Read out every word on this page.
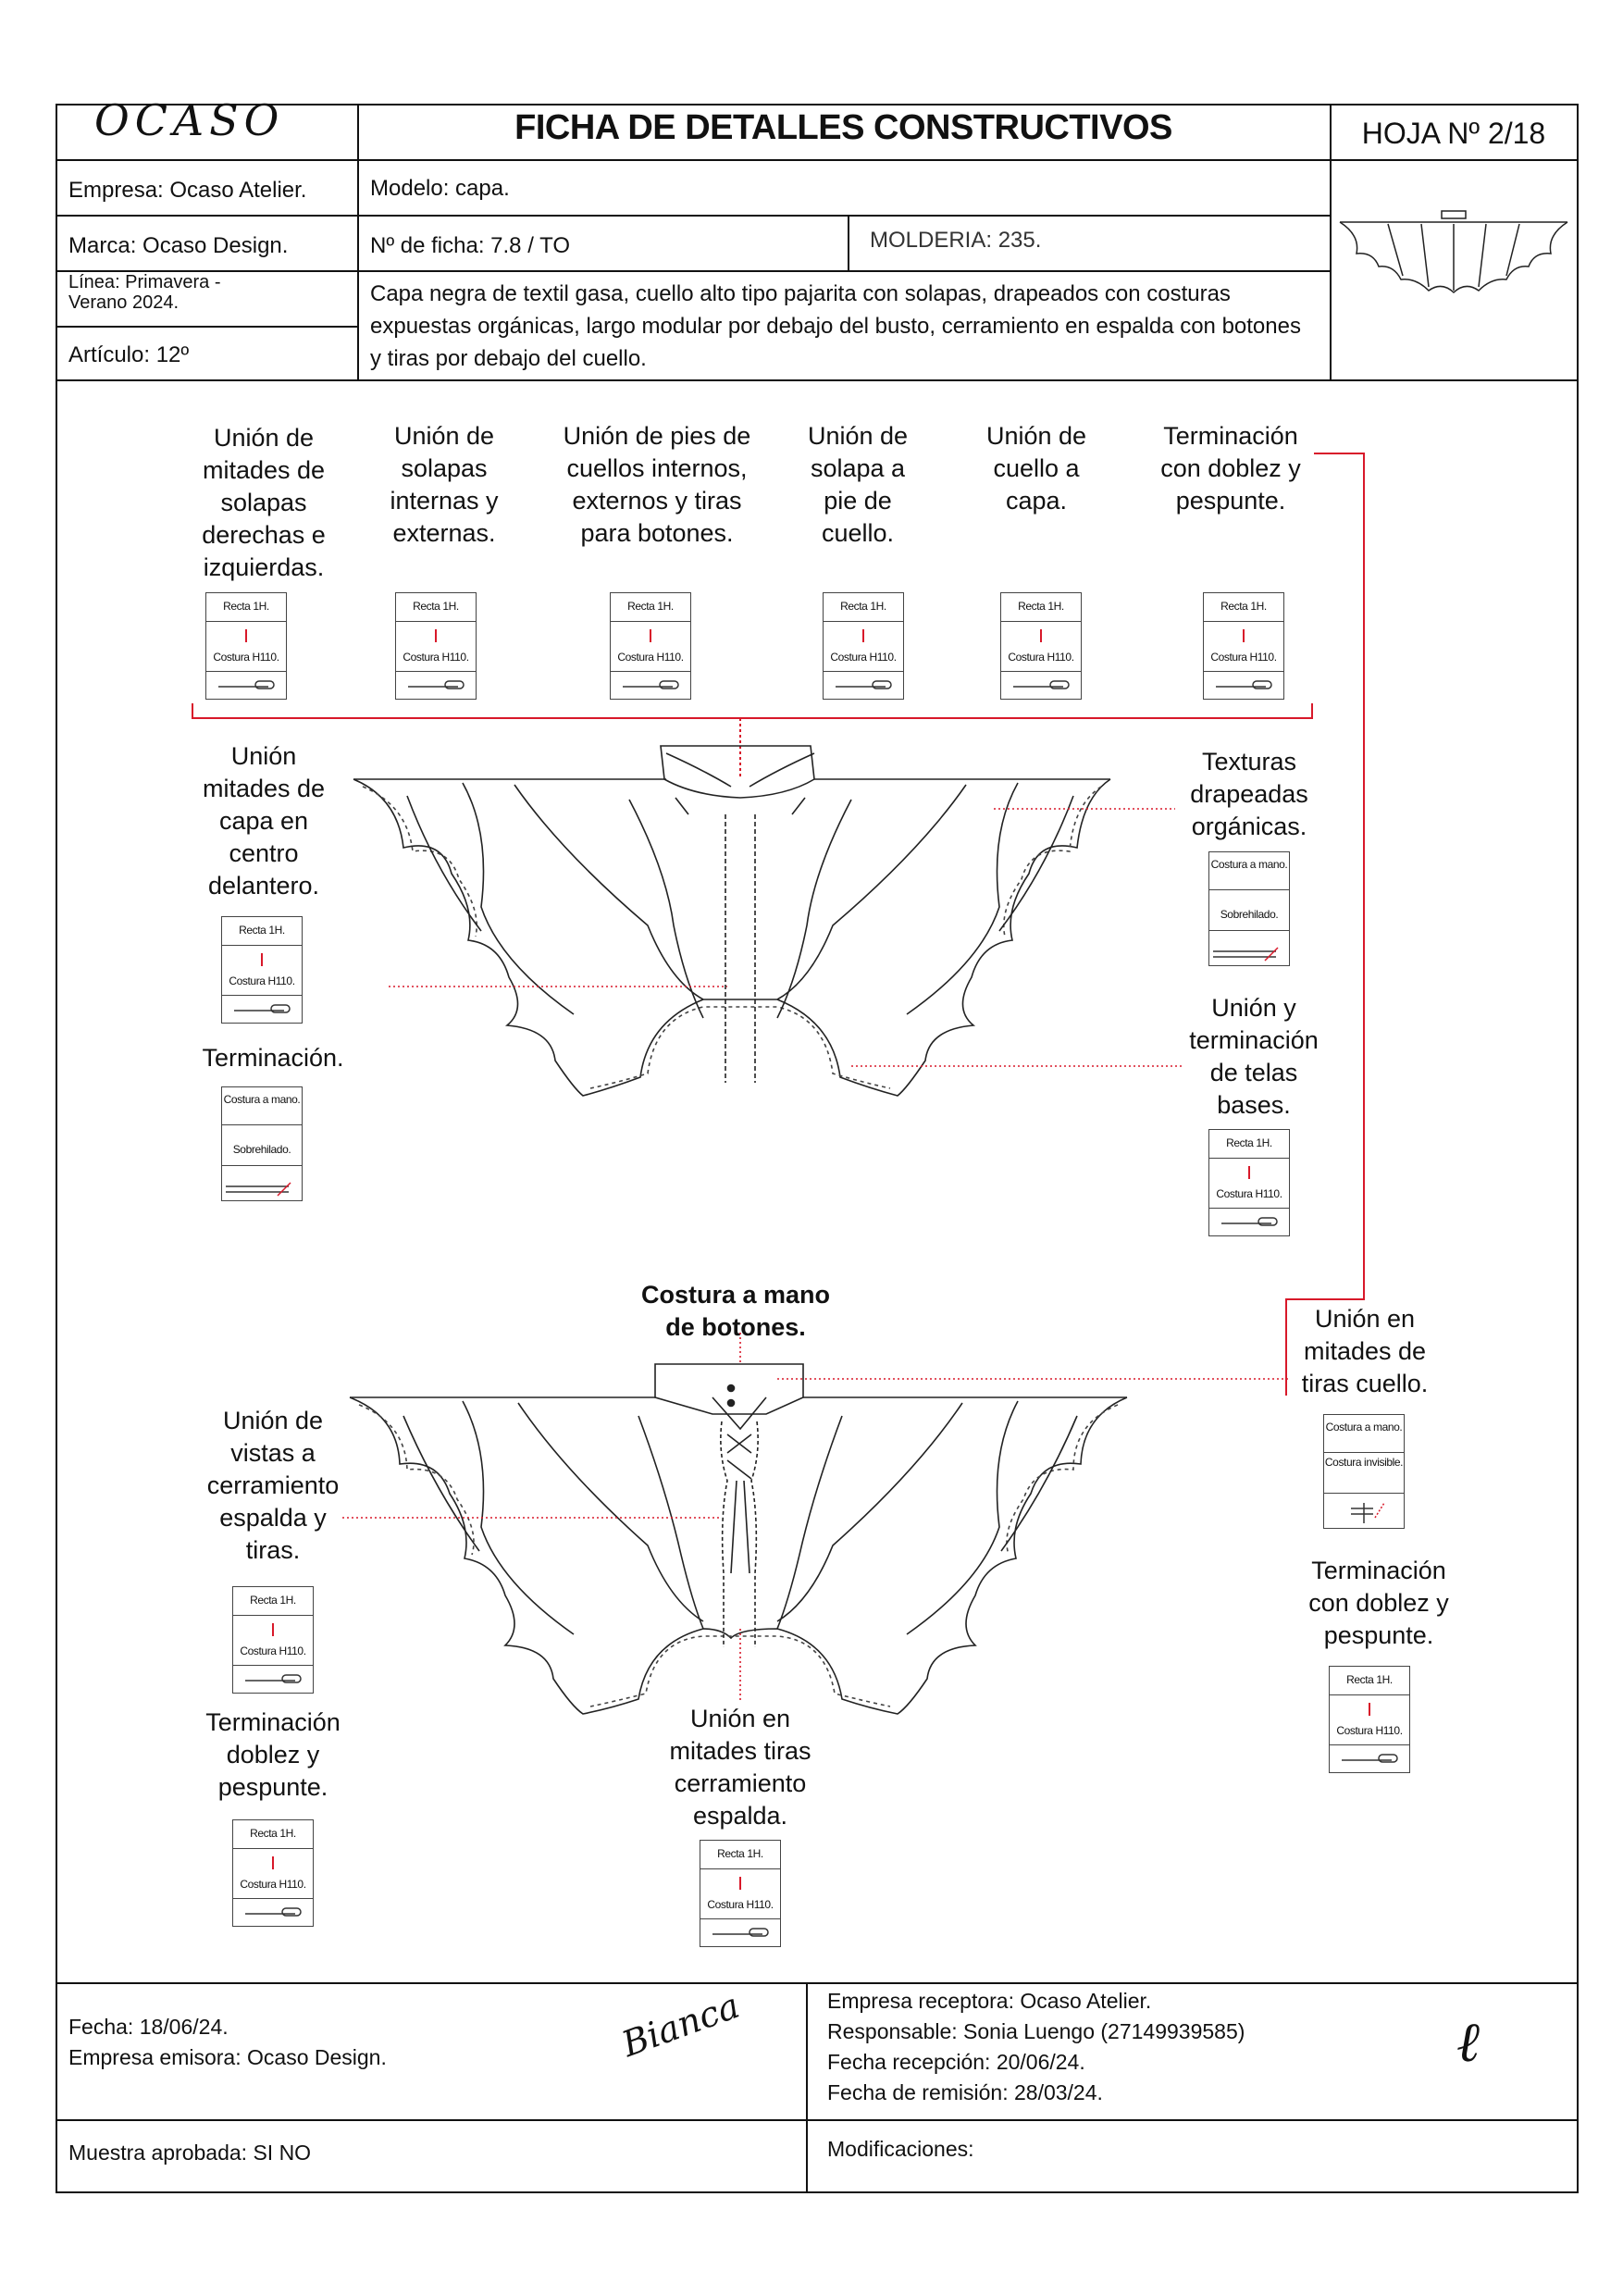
OCASO	FICHA DE DETALLES CONSTRUCTIVOS	HOJA Nº 2/18
Empresa: Ocaso Atelier.	Modelo: capa.
Marca: Ocaso Design.	Nº de ficha: 7.8 / TO	MOLDERIA: 235.
Línea: Primavera -
Verano 2024.
Artículo: 12º
Capa negra de textil gasa, cuello alto tipo pajarita con solapas, drapeados con costuras expuestas orgánicas, largo modular por debajo del busto, cerramiento en espalda con botones y tiras por debajo del cuello.
Unión de mitades de solapas derechas e izquierdas.
Unión de solapas internas y externas.
Unión de pies de cuellos internos, externos y tiras para botones.
Unión de solapa a pie de cuello.
Unión de cuello a capa.
Terminación con doblez y pespunte.
Recta 1H.
Costura H110.
Recta 1H.
Costura H110.
Recta 1H.
Costura H110.
Recta 1H.
Costura H110.
Recta 1H.
Costura H110.
Recta 1H.
Costura H110.
Unión mitades de capa en centro delantero.
Recta 1H.
Costura H110.
Terminación.
Costura a mano.
Sobrehilado.
Texturas drapeadas orgánicas.
Costura a mano.
Sobrehilado.
Unión y terminación de telas bases.
Recta 1H.
Costura H110.
Costura a mano de botones.	Unión en mitades de tiras cuello.
Costura a mano.
Costura invisible.
Terminación con doblez y pespunte.
Recta 1H.
Costura H110.
Unión de vistas a cerramiento espalda y tiras.
Recta 1H.
Costura H110.
Terminación doblez y pespunte.
Recta 1H.
Costura H110.
Unión en mitades tiras cerramiento espalda.
Recta 1H.
Costura H110.
Fecha: 18/06/24.
Empresa emisora: Ocaso Design.	Bianca	Empresa receptora: Ocaso Atelier.
Responsable: Sonia Luengo (27149939585)
Fecha recepción: 20/06/24.
Fecha de remisión: 28/03/24.
ℓ
Muestra aprobada: SI NO	Modificaciones:
